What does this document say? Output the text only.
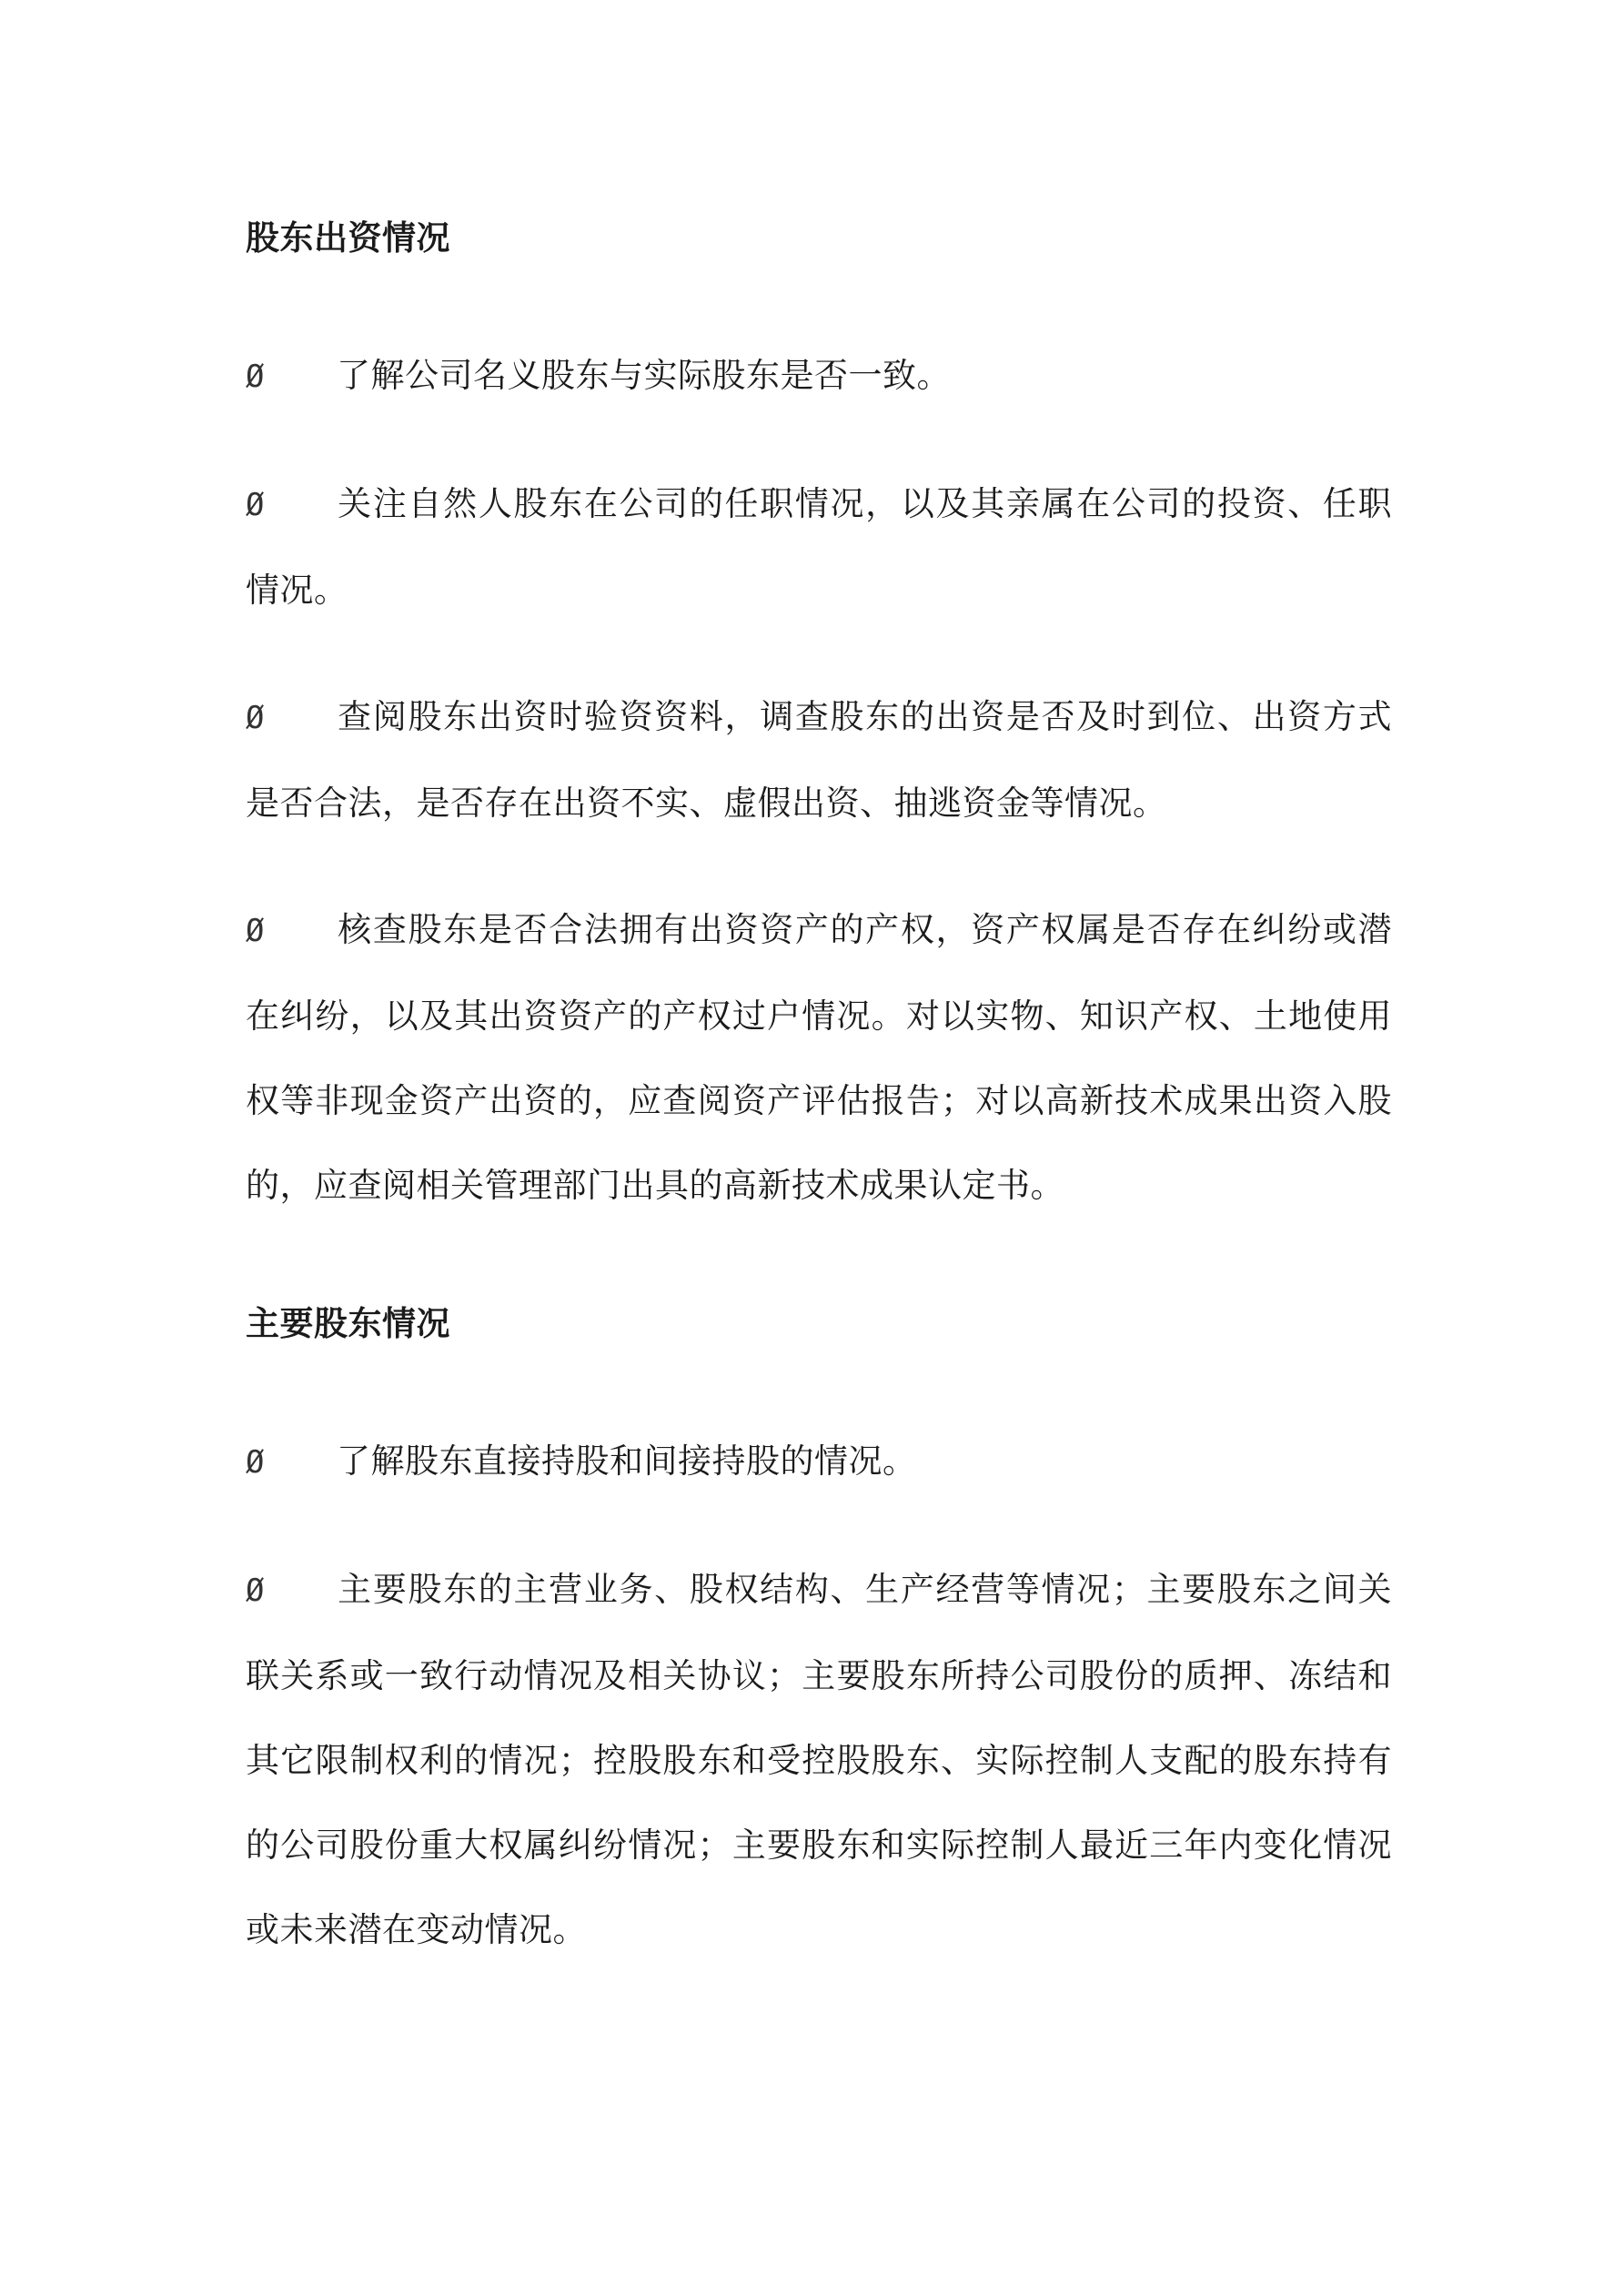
股东出资情况

Ø 了解公司名义股东与实际股东是否一致。

Ø 关注自然人股东在公司的任职情况，以及其亲属在公司的投资、任职情况。

Ø 查阅股东出资时验资资料，调查股东的出资是否及时到位、出资方式是否合法，是否存在出资不实、虚假出资、抽逃资金等情况。

Ø 核查股东是否合法拥有出资资产的产权，资产权属是否存在纠纷或潜在纠纷，以及其出资资产的产权过户情况。对以实物、知识产权、土地使用权等非现金资产出资的，应查阅资产评估报告；对以高新技术成果出资入股的，应查阅相关管理部门出具的高新技术成果认定书。

主要股东情况

Ø 了解股东直接持股和间接持股的情况。

Ø 主要股东的主营业务、股权结构、生产经营等情况；主要股东之间关联关系或一致行动情况及相关协议；主要股东所持公司股份的质押、冻结和其它限制权利的情况；控股股东和受控股股东、实际控制人支配的股东持有的公司股份重大权属纠纷情况；主要股东和实际控制人最近三年内变化情况或未来潜在变动情况。
